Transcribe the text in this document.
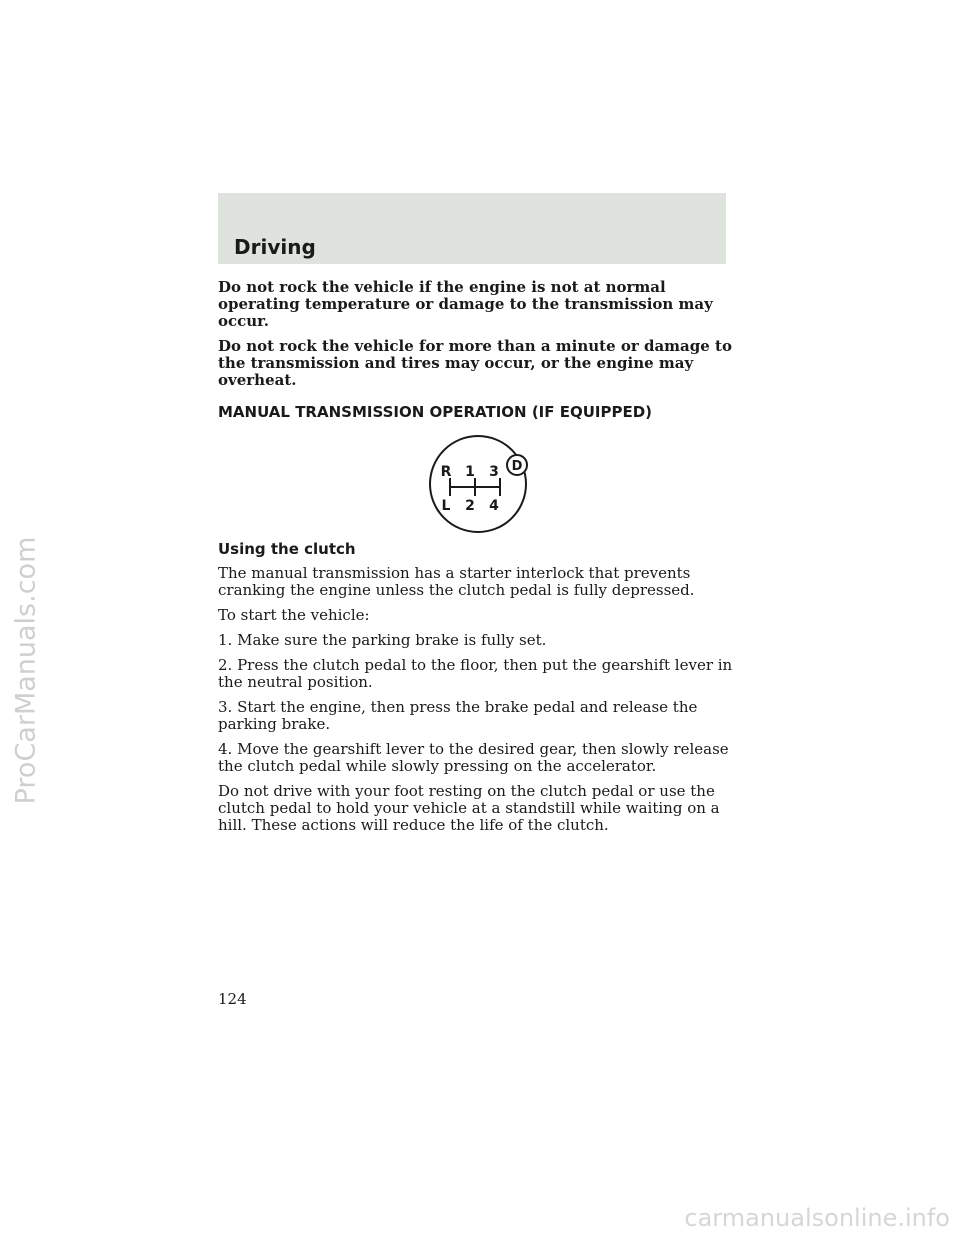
ProCarManuals.com
Driving

Do not rock the vehicle if the engine is not at normal operating temperature or damage to the transmission may occur.

Do not rock the vehicle for more than a minute or damage to the transmission and tires may occur, or the engine may overheat.

MANUAL TRANSMISSION OPERATION (IF EQUIPPED)
R 1 3
L 2 4
D
Using the clutch

The manual transmission has a starter interlock that prevents cranking the engine unless the clutch pedal is fully depressed.

To start the vehicle:

1. Make sure the parking brake is fully set.

2. Press the clutch pedal to the floor, then put the gearshift lever in the neutral position.

3. Start the engine, then press the brake pedal and release the parking brake.

4. Move the gearshift lever to the desired gear, then slowly release the clutch pedal while slowly pressing on the accelerator.

Do not drive with your foot resting on the clutch pedal or use the clutch pedal to hold your vehicle at a standstill while waiting on a hill. These actions will reduce the life of the clutch.

124
carmanualsonline.info
